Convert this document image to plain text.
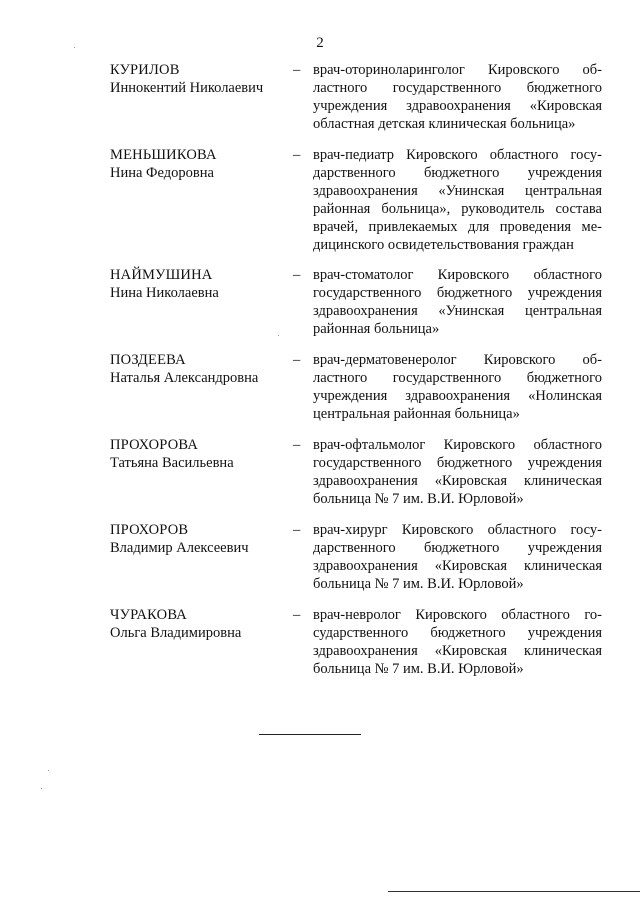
2
КУРИЛОВ
Иннокентий Николаевич
– врач-оториноларинголог Кировского об-
ластного государственного бюджетного
учреждения здравоохранения «Кировская
областная детская клиническая больница»
МЕНЬШИКОВА
Нина Федоровна
– врач-педиатр Кировского областного госу-
дарственного бюджетного учреждения
здравоохранения «Унинская центральная
районная больница», руководитель состава
врачей, привлекаемых для проведения ме-
дицинского освидетельствования граждан
НАЙМУШИНА
Нина Николаевна
– врач-стоматолог Кировского областного
государственного бюджетного учреждения
здравоохранения «Унинская центральная
районная больница»
ПОЗДЕЕВА
Наталья Александровна
– врач-дерматовенеролог Кировского об-
ластного государственного бюджетного
учреждения здравоохранения «Нолинская
центральная районная больница»
ПРОХОРОВА
Татьяна Васильевна
– врач-офтальмолог Кировского областного
государственного бюджетного учреждения
здравоохранения «Кировская клиническая
больница № 7 им. В.И. Юрловой»
ПРОХОРОВ
Владимир Алексеевич
– врач-хирург Кировского областного госу-
дарственного бюджетного учреждения
здравоохранения «Кировская клиническая
больница № 7 им. В.И. Юрловой»
ЧУРАКОВА
Ольга Владимировна
– врач-невролог Кировского областного го-
сударственного бюджетного учреждения
здравоохранения «Кировская клиническая
больница № 7 им. В.И. Юрловой»
